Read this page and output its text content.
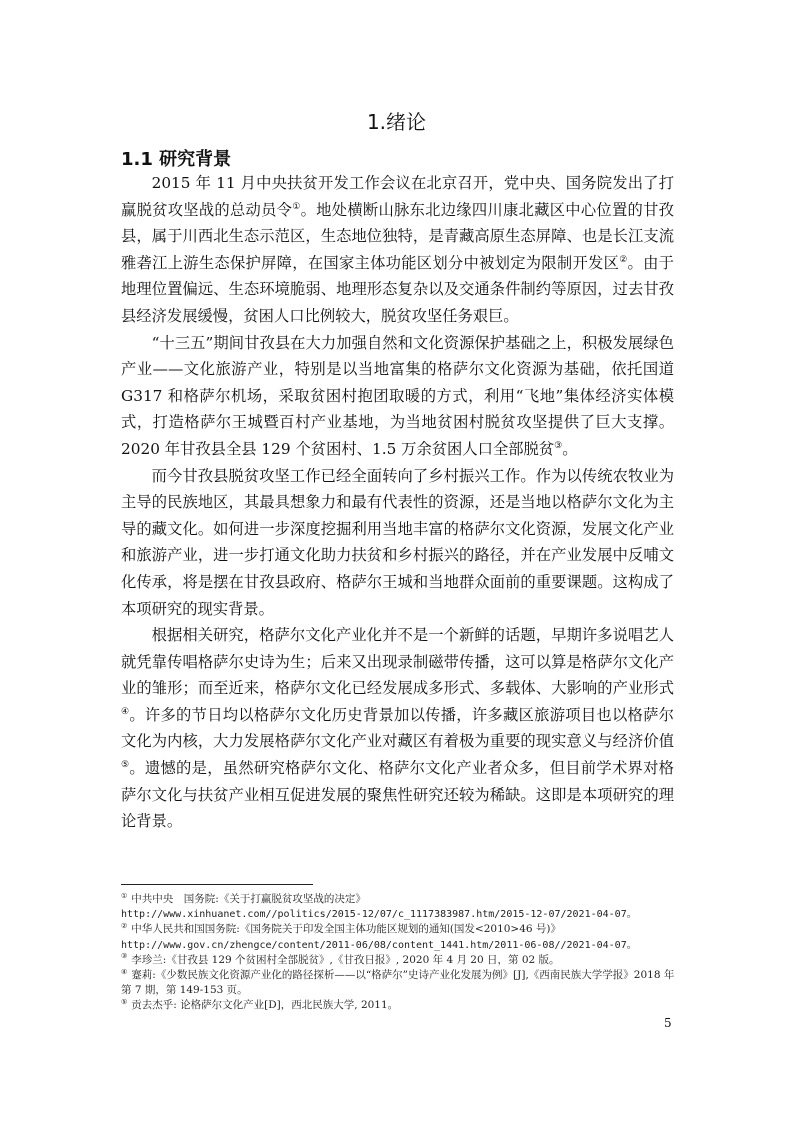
1.绪论
1.1 研究背景

2015 年 11 月中央扶贫开发工作会议在北京召开，党中央、国务院发出了打赢脱贫攻坚战的总动员令①。地处横断山脉东北边缘四川康北藏区中心位置的甘孜县，属于川西北生态示范区，生态地位独特，是青藏高原生态屏障、也是长江支流雅砻江上游生态保护屏障，在国家主体功能区划分中被划定为限制开发区②。由于地理位置偏远、生态环境脆弱、地理形态复杂以及交通条件制约等原因，过去甘孜县经济发展缓慢，贫困人口比例较大，脱贫攻坚任务艰巨。

“十三五”期间甘孜县在大力加强自然和文化资源保护基础之上，积极发展绿色产业——文化旅游产业，特别是以当地富集的格萨尔文化资源为基础，依托国道 G317 和格萨尔机场，采取贫困村抱团取暖的方式，利用“飞地”集体经济实体模式，打造格萨尔王城暨百村产业基地，为当地贫困村脱贫攻坚提供了巨大支撑。2020 年甘孜县全县 129 个贫困村、1.5 万余贫困人口全部脱贫③。

而今甘孜县脱贫攻坚工作已经全面转向了乡村振兴工作。作为以传统农牧业为主导的民族地区，其最具想象力和最有代表性的资源，还是当地以格萨尔文化为主导的藏文化。如何进一步深度挖掘利用当地丰富的格萨尔文化资源，发展文化产业和旅游产业，进一步打通文化助力扶贫和乡村振兴的路径，并在产业发展中反哺文化传承，将是摆在甘孜县政府、格萨尔王城和当地群众面前的重要课题。这构成了本项研究的现实背景。

根据相关研究，格萨尔文化产业化并不是一个新鲜的话题，早期许多说唱艺人就凭靠传唱格萨尔史诗为生；后来又出现录制磁带传播，这可以算是格萨尔文化产业的雏形；而至近来，格萨尔文化已经发展成多形式、多载体、大影响的产业形式④。许多的节日均以格萨尔文化历史背景加以传播，许多藏区旅游项目也以格萨尔文化为内核，大力发展格萨尔文化产业对藏区有着极为重要的现实意义与经济价值⑤。遗憾的是，虽然研究格萨尔文化、格萨尔文化产业者众多，但目前学术界对格萨尔文化与扶贫产业相互促进发展的聚焦性研究还较为稀缺。这即是本项研究的理论背景。

① 中共中央　国务院:《关于打赢脱贫攻坚战的决定》
http://www.xinhuanet.com//politics/2015-12/07/c_1117383987.htm/2015-12-07/2021-04-07。
② 中华人民共和国国务院:《国务院关于印发全国主体功能区规划的通知(国发<2010>46 号)》
http://www.gov.cn/zhengce/content/2011-06/08/content_1441.htm/2011-06-08//2021-04-07。
③ 李珍兰:《甘孜县 129 个贫困村全部脱贫》,《甘孜日报》, 2020 年 4 月 20 日，第 02 版。
④ 蹇莉:《少数民族文化资源产业化的路径探析——以“格萨尔”史诗产业化发展为例》[J],《西南民族大学学报》2018 年第 7 期，第 149-153 页。
⑤ 贡去杰乎: 论格萨尔文化产业[D]，西北民族大学, 2011。
5
